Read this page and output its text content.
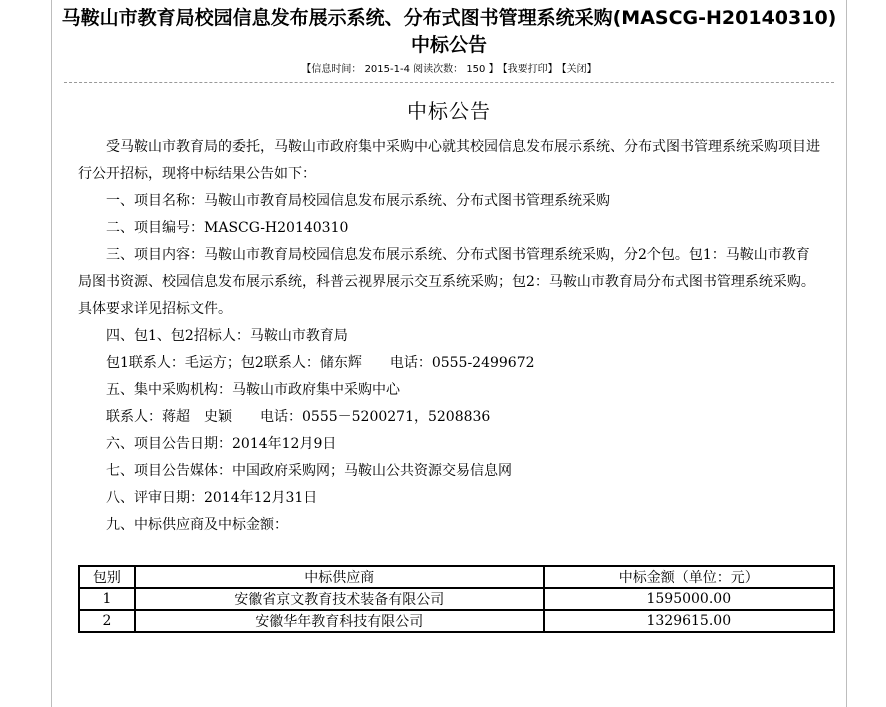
马鞍山市教育局校园信息发布展示系统、分布式图书管理系统采购(MASCG-H20140310)中标公告
【信息时间： 2015-1-4 阅读次数： 150 】 【我要打印】 【关闭】
中标公告

受马鞍山市教育局的委托，马鞍山市政府集中采购中心就其校园信息发布展示系统、分布式图书管理系统采购项目进行公开招标，现将中标结果公告如下：

一、项目名称：马鞍山市教育局校园信息发布展示系统、分布式图书管理系统采购

二、项目编号：MASCG-H20140310

三、项目内容：马鞍山市教育局校园信息发布展示系统、分布式图书管理系统采购，分2个包。包1：马鞍山市教育局图书资源、校园信息发布展示系统，科普云视界展示交互系统采购；包2：马鞍山市教育局分布式图书管理系统采购。具体要求详见招标文件。

四、包1、包2招标人：马鞍山市教育局

包1联系人：毛运方；包2联系人：储东辉　　电话：0555-2499672

五、集中采购机构：马鞍山市政府集中采购中心

联系人：蒋超　史颖　　电话：0555－5200271，5208836

六、项目公告日期：2014年12月9日

七、项目公告媒体：中国政府采购网；马鞍山公共资源交易信息网

八、评审日期：2014年12月31日

九、中标供应商及中标金额：

包别	中标供应商	中标金额（单位：元）
1	安徽省京文教育技术装备有限公司	1595000.00
2	安徽华年教育科技有限公司	1329615.00
